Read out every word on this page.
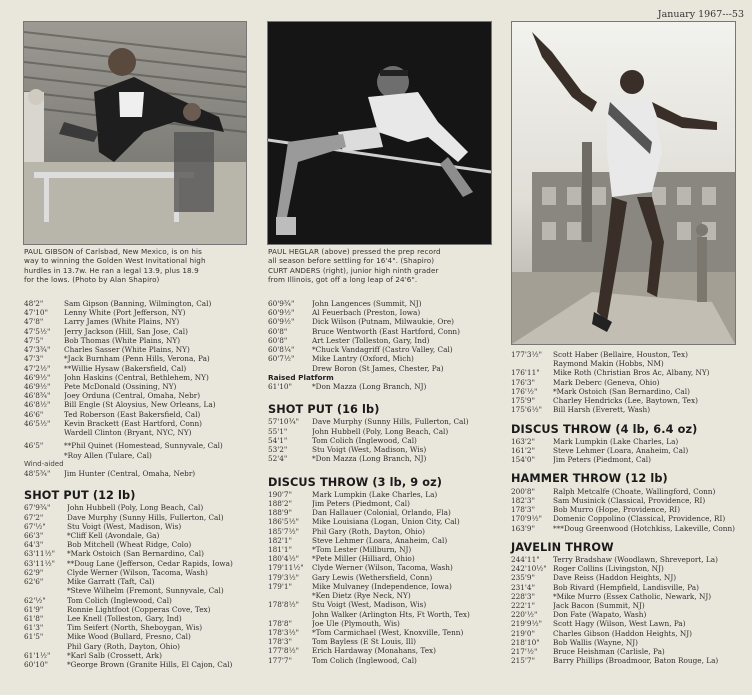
January 1967---53

PAUL GIBSON of Carlsbad, New Mexico, is on his

way to winning the Golden West Invitational high

hurdles in 13.7w. He ran a legal 13.9, plus 18.9

for the lows. (Photo by Alan Shapiro)

PAUL HEGLAR (above) pressed the prep record

all season before settling for 16'4". (Shapiro)

CURT ANDERS (right), junior high ninth grader

from Illinois, got off a long leap of 24'6".

48'2"	Sam Gipson (Banning, Wilmington, Cal)
47'10"	Lenny White (Port Jefferson, NY)
47'8"	Larry James (White Plains, NY)
47'5½"	Jerry Jackson (Hill, San Jose, Cal)
47'5"	Bob Thomas (White Plains, NY)
47'3¾"	Charles Sasser (White Plains, NY)
47'3"	*Jack Burnham (Penn Hills, Verona, Pa)
47'2½"	**Willie Hysaw (Bakersfield, Cal)
46'9½"	John Haskins (Central, Bethlehem, NY)
46'9½"	Pete McDonald (Ossining, NY)
46'8¾"	Joey Orduna (Central, Omaha, Nebr)
46'8½"	Bill Engle (St Aloysius, New Orleans, La)
46'6"	Ted Roberson (East Bakersfield, Cal)
46'5½"	Kevin Brackett (East Hartford, Conn)
Wardell Clinton (Bryant, NYC, NY)
46'5"	**Phil Quinet (Homestead, Sunnyvale, Cal)
*Roy Allen (Tulare, Cal)
Wind-aided
48'5¾"	Jim Hunter (Central, Omaha, Nebr)
SHOT PUT (12 lb)
67'9¾"	John Hubbell (Poly, Long Beach, Cal)
67'2"	Dave Murphy (Sunny Hills, Fullerton, Cal)
67'½"	Stu Voigt (West, Madison, Wis)
66'3"	*Cliff Kell (Avondale, Ga)
64'3"	Bob Mitchell (Wheat Ridge, Colo)
63'11½"	*Mark Ostoich (San Bernardino, Cal)
63'11½"	**Doug Lane (Jefferson, Cedar Rapids, Iowa)
62'9"	Clyde Werner (Wilson, Tacoma, Wash)
62'6"	Mike Garratt (Taft, Cal)
*Steve Wilhelm (Fremont, Sunnyvale, Cal)
62'½"	Tom Colich (Inglewood, Cal)
61'9"	Ronnie Lightfoot (Copperas Cove, Tex)
61'8"	Lee Knell (Tolleston, Gary, Ind)
61'3"	Tim Seifert (North, Sheboygan, Wis)
61'5"	Mike Wood (Bullard, Fresno, Cal)
Phil Gary (Roth, Dayton, Ohio)
61'1½"	*Karl Salb (Crossett, Ark)
60'10"	*George Brown (Granite Hills, El Cajon, Cal)
60'9¾"	John Langences (Summit, NJ)
60'9½"	Al Feuerbach (Preston, Iowa)
60'9½"	Dick Wilson (Putnam, Milwaukie, Ore)
60'8"	Bruce Wentworth (East Hartford, Conn)
60'8"	Art Lester (Tolleston, Gary, Ind)
60'8¼"	*Chuck Vandagriff (Castro Valley, Cal)
60'7½"	Mike Lantry (Oxford, Mich)
Drew Boron (St James, Chester, Pa)
Raised Platform
61'10"	*Don Mazza (Long Branch, NJ)
SHOT PUT (16 lb)
57'10¾"	Dave Murphy (Sunny Hills, Fullerton, Cal)
55'1"	John Hubbell (Poly, Long Beach, Cal)
54'1"	Tom Colich (Inglewood, Cal)
53'2"	Stu Voigt (West, Madison, Wis)
52'4"	*Don Mazza (Long Branch, NJ)
DISCUS THROW (3 lb, 9 oz)
190'7"	Mark Lumpkin (Lake Charles, La)
188'2"	Jim Peters (Piedmont, Cal)
188'9"	Dan Hallauer (Colonial, Orlando, Fla)
186'5½"	Mike Louisiana (Logan, Union City, Cal)
185'7½"	Phil Gary (Roth, Dayton, Ohio)
182'1"	Steve Lehmer (Loara, Anaheim, Cal)
181'1"	*Tom Lester (Millburn, NJ)
180'4½"	*Pete Miller (Hilliard, Ohio)
179'11½"	Clyde Werner (Wilson, Tacoma, Wash)
179'3½"	Gary Lewis (Wethersfield, Conn)
179'1"	Mike Mulvaney (Independence, Iowa)
*Ken Dietz (Rye Neck, NY)
178'8½"	Stu Voigt (West, Madison, Wis)
John Walker (Arlington Hts, Ft Worth, Tex)
178'8"	Joe Ule (Plymouth, Wis)
178'3½"	*Tom Carmichael (West, Knoxville, Tenn)
178'3"	Tom Bayless (E St Louis, Ill)
177'8½"	Erich Hardaway (Monahans, Tex)
177'7"	Tom Colich (Inglewood, Cal)
177'3½"	Scott Haber (Bellaire, Houston, Tex)
Raymond Makin (Hobbs, NM)
176'11"	Mike Roth (Christian Bros Ac, Albany, NY)
176'3"	Mark Deberc (Geneva, Ohio)
176'½"	*Mark Ostoich (San Bernardino, Cal)
175'9"	Charley Hendricks (Lee, Baytown, Tex)
175'6½"	Bill Harsh (Everett, Wash)
DISCUS THROW (4 lb, 6.4 oz)
163'2"	Mark Lumpkin (Lake Charles, La)
161'2"	Steve Lehmer (Loara, Anaheim, Cal)
154'0"	Jim Peters (Piedmont, Cal)
HAMMER THROW (12 lb)
200'8"	Ralph Metcalfe (Choate, Wallingford, Conn)
182'3"	Sam Musinick (Classical, Providence, RI)
178'3"	Bob Murro (Hope, Providence, RI)
170'9½"	Domenic Coppolino (Classical, Providence, RI)
163'9"	***Doug Greenwood (Hotchkiss, Lakeville, Conn)
JAVELIN THROW
244'11"	Terry Bradshaw (Woodlawn, Shreveport, La)
242'10½" Roger Collins (Livingston, NJ)
235'9"	Dave Reiss (Haddon Heights, NJ)
231'4"	Bob Rivard (Hempfield, Landisville, Pa)
228'3"	*Mike Murro (Essex Catholic, Newark, NJ)
222'1"	Jack Bacon (Summit, NJ)
220'½"	Don Fate (Wapato, Wash)
219'9½"	Scott Hagy (Wilson, West Lawn, Pa)
219'0"	Charles Gibson (Haddon Heights, NJ)
218'10"	Bob Wallis (Wayne, NJ)
217'½"	Bruce Heishman (Carlisle, Pa)
215'7"	Barry Phillips (Broadmoor, Baton Rouge, La)
